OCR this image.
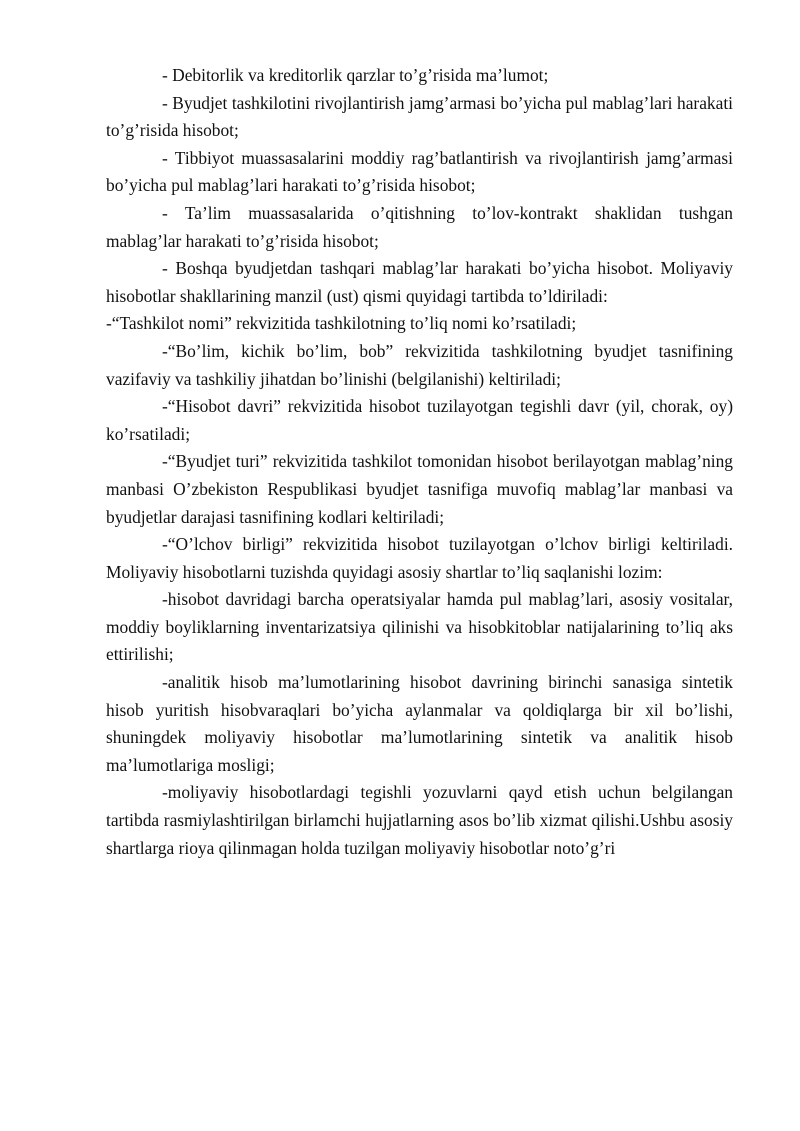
- Debitorlik va kreditorlik qarzlar to’g’risida ma’lumot;

- Byudjet tashkilotini rivojlantirish jamg’armasi bo’yicha pul mablag’lari harakati to’g’risida hisobot;

- Tibbiyot muassasalarini moddiy rag’batlantirish va rivojlantirish jamg’armasi bo’yicha pul mablag’lari harakati to’g’risida hisobot;

- Ta’lim muassasalarida o’qitishning to’lov-kontrakt shaklidan tushgan mablag’lar harakati to’g’risida hisobot;

- Boshqa byudjetdan tashqari mablag’lar harakati bo’yicha hisobot. Moliyaviy hisobotlar shakllarining manzil (ust) qismi quyidagi tartibda to’ldiriladi:

-“Tashkilot nomi” rekvizitida tashkilotning to’liq nomi ko’rsatiladi;

-“Bo’lim, kichik bo’lim, bob” rekvizitida tashkilotning byudjet tasnifining vazifaviy va tashkiliy jihatdan bo’linishi (belgilanishi) keltiriladi;

-“Hisobot davri” rekvizitida hisobot tuzilayotgan tegishli davr (yil, chorak, oy) ko’rsatiladi;

-“Byudjet turi” rekvizitida tashkilot tomonidan hisobot berilayotgan mablag’ning manbasi O’zbekiston Respublikasi byudjet tasnifiga muvofiq mablag’lar manbasi va byudjetlar darajasi tasnifining kodlari keltiriladi;

-“O’lchov birligi” rekvizitida hisobot tuzilayotgan o’lchov birligi keltiriladi. Moliyaviy hisobotlarni tuzishda quyidagi asosiy shartlar to’liq saqlanishi lozim:

-hisobot davridagi barcha operatsiyalar hamda pul mablag’lari, asosiy vositalar, moddiy boyliklarning inventarizatsiya qilinishi va hisobkitoblar natijalarining to’liq aks ettirilishi;

-analitik hisob ma’lumotlarining hisobot davrining birinchi sanasiga sintetik hisob yuritish hisobvaraqlari bo’yicha aylanmalar va qoldiqlarga bir xil bo’lishi, shuningdek moliyaviy hisobotlar ma’lumotlarining sintetik va analitik hisob ma’lumotlariga mosligi;

-moliyaviy hisobotlardagi tegishli yozuvlarni qayd etish uchun belgilangan tartibda rasmiylashtirilgan birlamchi hujjatlarning asos bo’lib xizmat qilishi.Ushbu asosiy shartlarga rioya qilinmagan holda tuzilgan moliyaviy hisobotlar noto’g’ri
